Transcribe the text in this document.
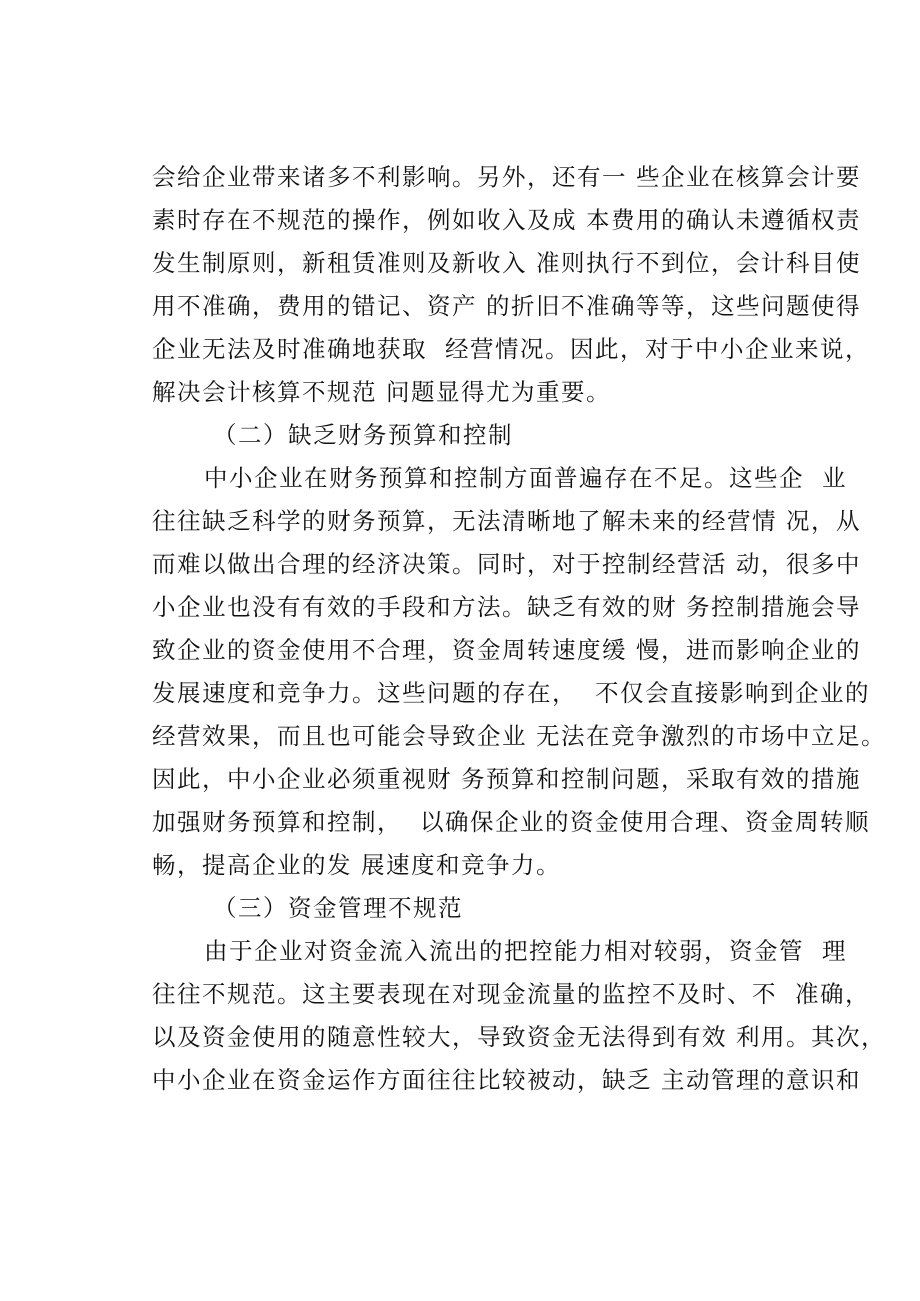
会给企业带来诸多不利影响。另外，还有一 些企业在核算会计要
素时存在不规范的操作，例如收入及成 本费用的确认未遵循权责
发生制原则，新租赁准则及新收入 准则执行不到位，会计科目使
用不准确，费用的错记、资产 的折旧不准确等等，这些问题使得
企业无法及时准确地获取  经营情况。因此，对于中小企业来说，
解决会计核算不规范 问题显得尤为重要。
（二）缺乏财务预算和控制
中小企业在财务预算和控制方面普遍存在不足。这些企  业
往往缺乏科学的财务预算，无法清晰地了解未来的经营情 况，从
而难以做出合理的经济决策。同时，对于控制经营活 动，很多中
小企业也没有有效的手段和方法。缺乏有效的财 务控制措施会导
致企业的资金使用不合理，资金周转速度缓 慢，进而影响企业的
发展速度和竞争力。这些问题的存在，  不仅会直接影响到企业的
经营效果，而且也可能会导致企业 无法在竞争激烈的市场中立足。
因此，中小企业必须重视财 务预算和控制问题，采取有效的措施
加强财务预算和控制，  以确保企业的资金使用合理、资金周转顺
畅，提高企业的发 展速度和竞争力。
（三）资金管理不规范
由于企业对资金流入流出的把控能力相对较弱，资金管  理
往往不规范。这主要表现在对现金流量的监控不及时、不  准确，
以及资金使用的随意性较大，导致资金无法得到有效 利用。其次，
中小企业在资金运作方面往往比较被动，缺乏 主动管理的意识和
